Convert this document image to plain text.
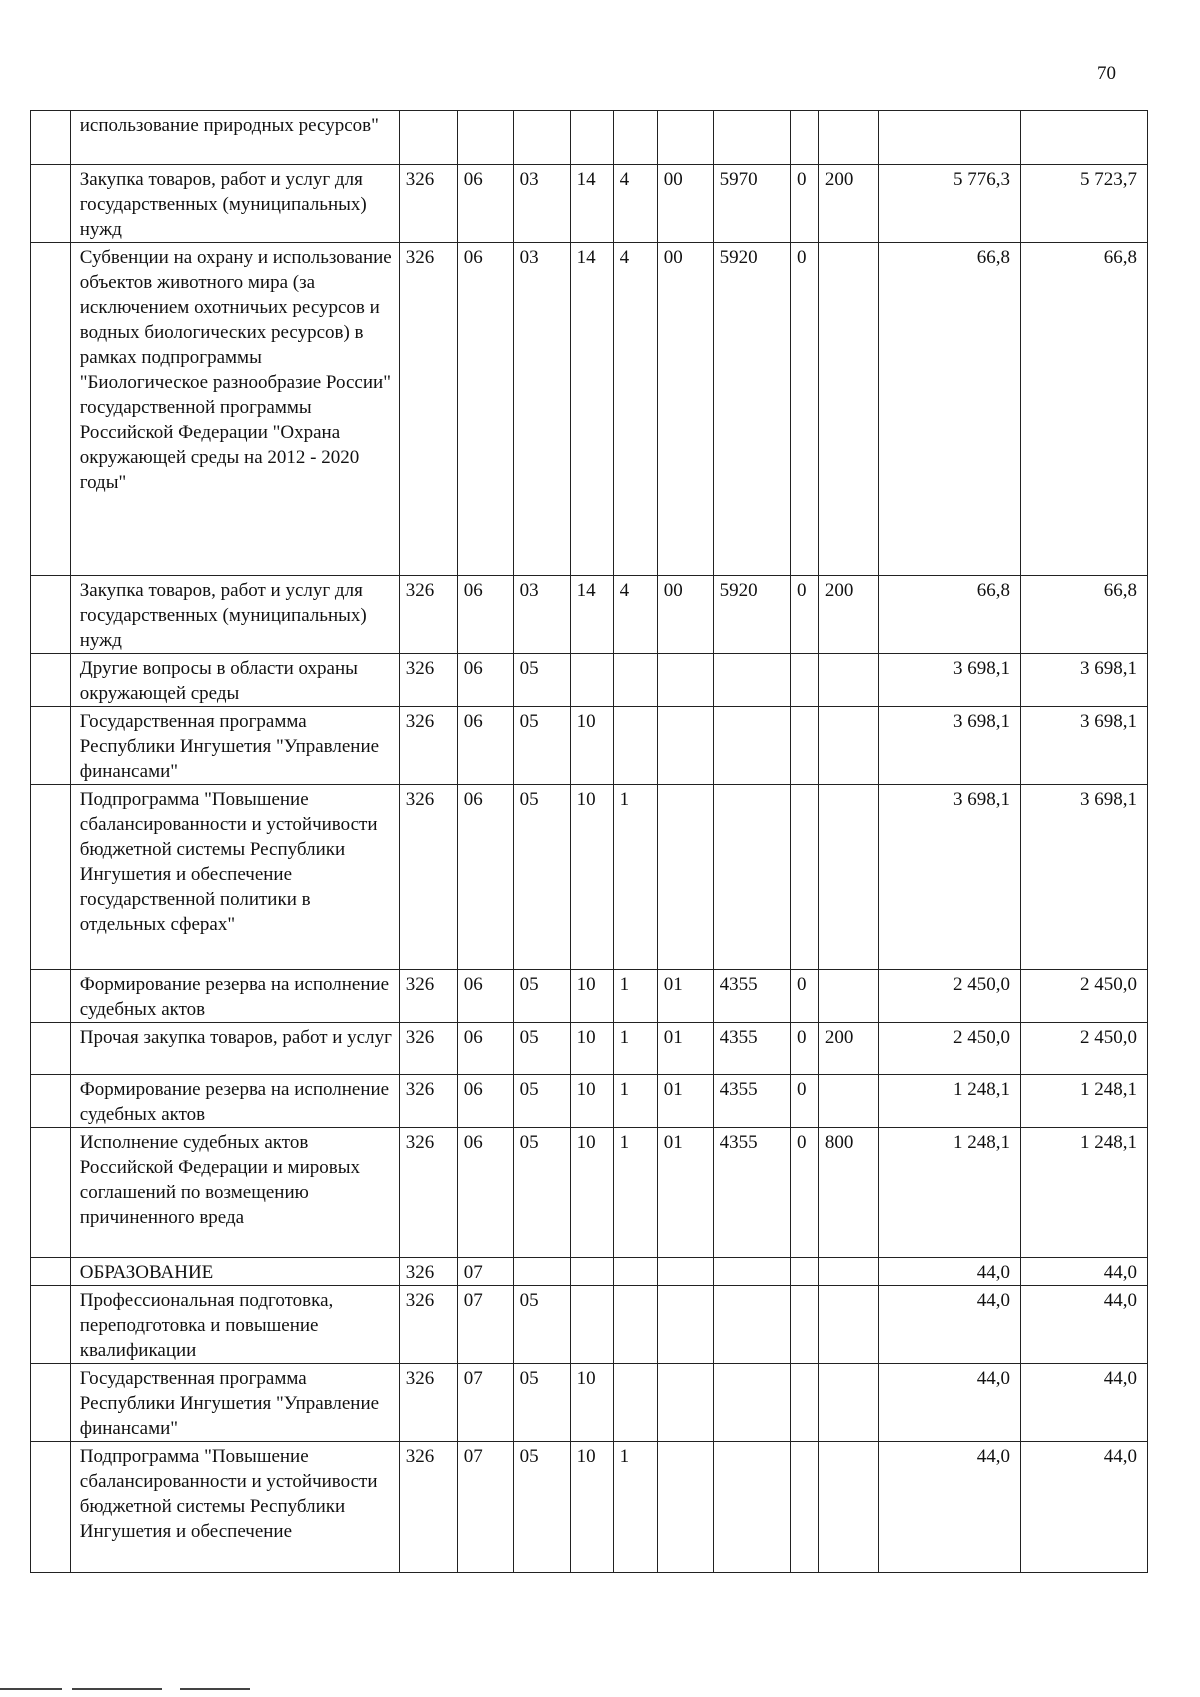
70
	использование природных ресурсов"											
	Закупка товаров, работ и услуг для государственных (муниципальных) нужд	326	06	03	14	4	00	5970	0	200	5 776,3	5 723,7
	Субвенции на охрану и использование объектов животного мира (за исключением охотничьих ресурсов и водных биологических ресурсов) в рамках подпрограммы "Биологическое разнообразие России" государственной программы Российской Федерации "Охрана окружающей среды на 2012 - 2020 годы"	326	06	03	14	4	00	5920	0		66,8	66,8
	Закупка товаров, работ и услуг для государственных (муниципальных) нужд	326	06	03	14	4	00	5920	0	200	66,8	66,8
	Другие вопросы в области охраны окружающей среды	326	06	05							3 698,1	3 698,1
	Государственная программа Республики Ингушетия "Управление финансами"	326	06	05	10						3 698,1	3 698,1
	Подпрограмма "Повышение сбалансированности и устойчивости бюджетной системы Республики Ингушетия и обеспечение государственной политики в отдельных сферах"	326	06	05	10	1					3 698,1	3 698,1
	Формирование резерва на исполнение судебных актов	326	06	05	10	1	01	4355	0		2 450,0	2 450,0
	Прочая закупка товаров, работ и услуг	326	06	05	10	1	01	4355	0	200	2 450,0	2 450,0
	Формирование резерва на исполнение судебных актов	326	06	05	10	1	01	4355	0		1 248,1	1 248,1
	Исполнение судебных актов Российской Федерации и мировых соглашений по возмещению причиненного вреда	326	06	05	10	1	01	4355	0	800	1 248,1	1 248,1
	ОБРАЗОВАНИЕ	326	07								44,0	44,0
	Профессиональная подготовка, переподготовка и повышение квалификации	326	07	05							44,0	44,0
	Государственная программа Республики Ингушетия "Управление финансами"	326	07	05	10						44,0	44,0
	Подпрограмма "Повышение сбалансированности и устойчивости бюджетной системы Республики Ингушетия и обеспечение	326	07	05	10	1					44,0	44,0
